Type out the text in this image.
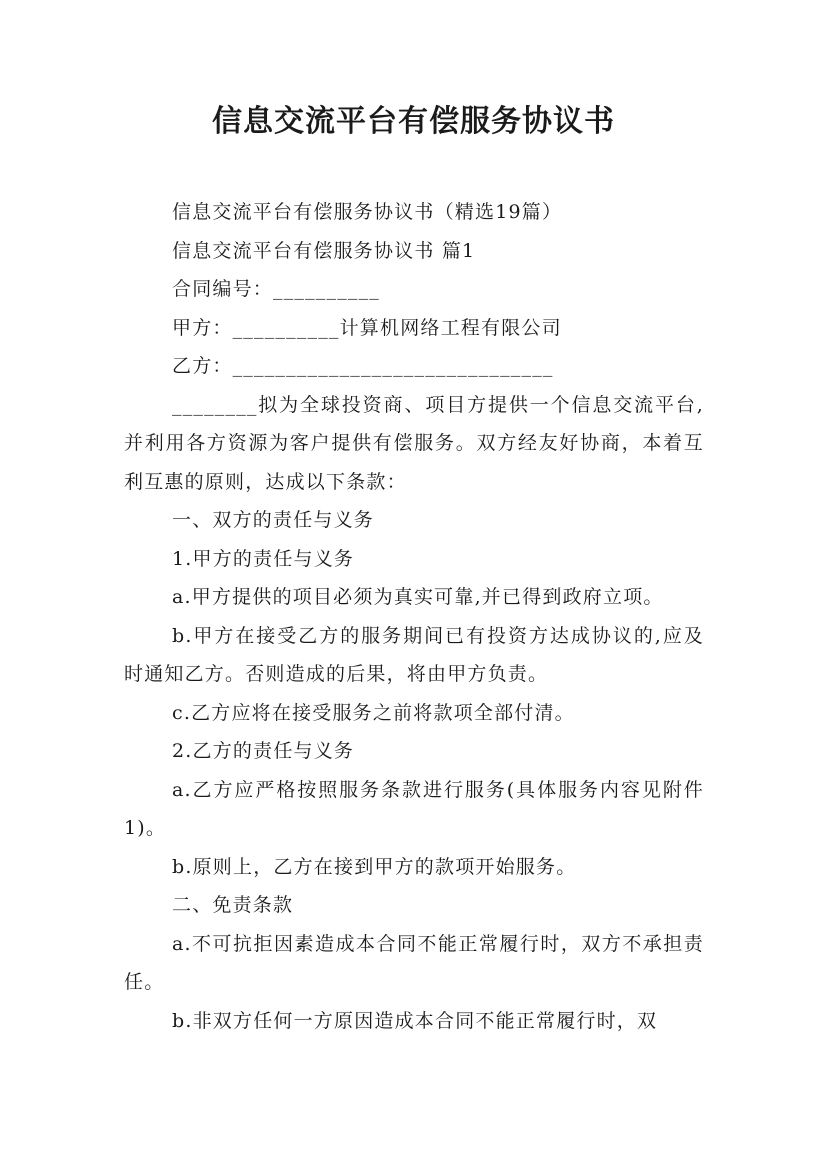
信息交流平台有偿服务协议书

信息交流平台有偿服务协议书（精选19篇）

信息交流平台有偿服务协议书 篇1

合同编号：__________

甲方：__________计算机网络工程有限公司

乙方：______________________________

________拟为全球投资商、项目方提供一个信息交流平台,并利用各方资源为客户提供有偿服务。双方经友好协商，本着互利互惠的原则，达成以下条款：

一、双方的责任与义务

1.甲方的责任与义务

a.甲方提供的项目必须为真实可靠,并已得到政府立项。

b.甲方在接受乙方的服务期间已有投资方达成协议的,应及时通知乙方。否则造成的后果，将由甲方负责。

c.乙方应将在接受服务之前将款项全部付清。

2.乙方的责任与义务

a.乙方应严格按照服务条款进行服务(具体服务内容见附件1)。

b.原则上，乙方在接到甲方的款项开始服务。

二、免责条款

a.不可抗拒因素造成本合同不能正常履行时，双方不承担责任。

b.非双方任何一方原因造成本合同不能正常履行时，双
